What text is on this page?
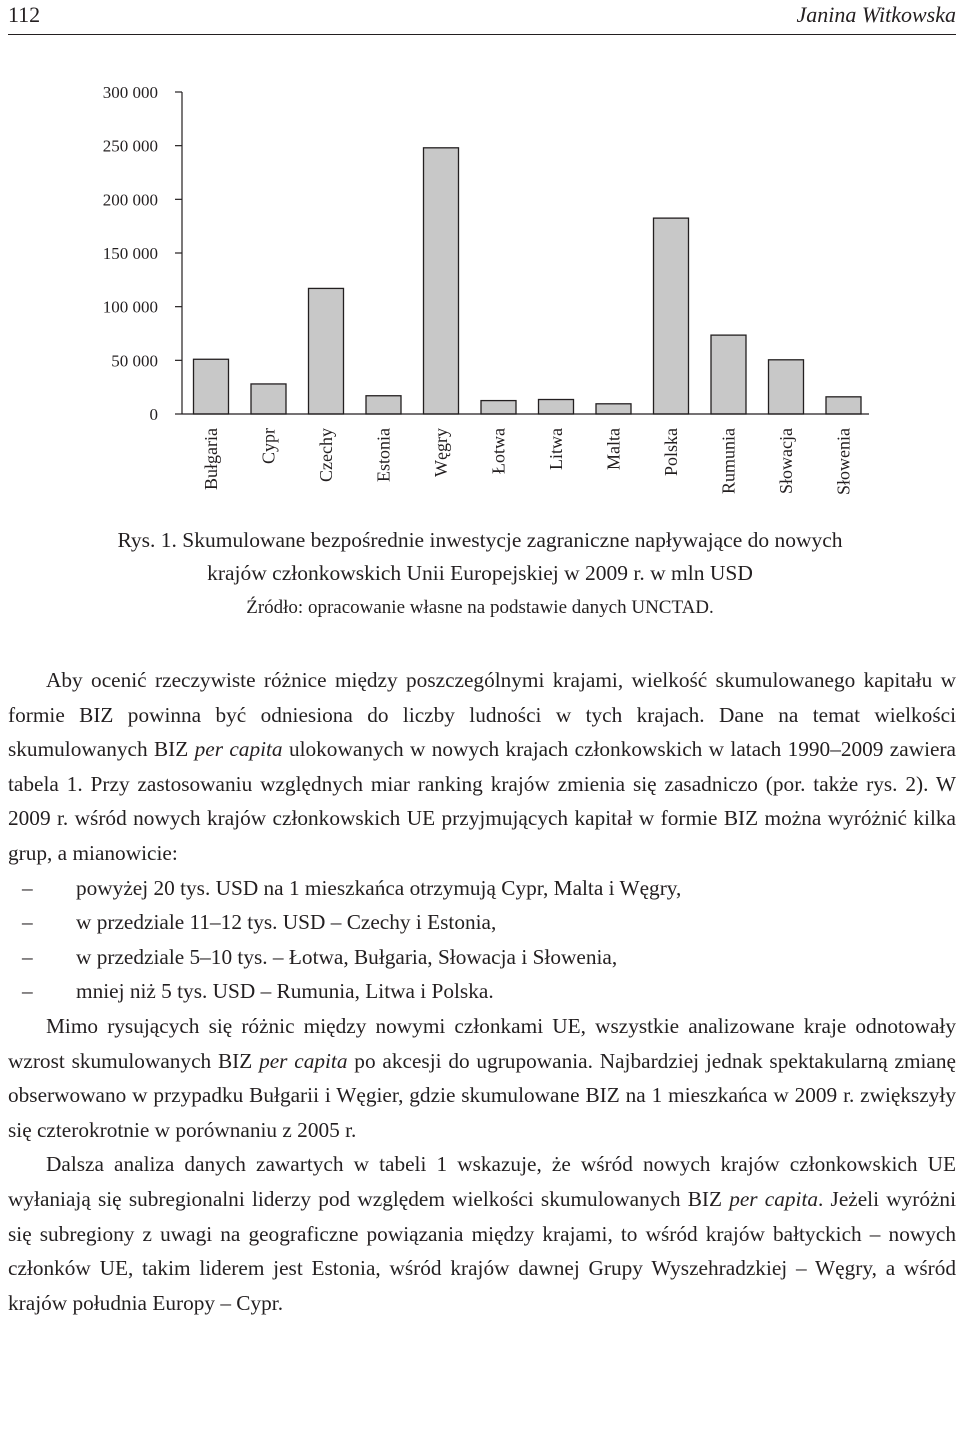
112	Janina Witkowska
0
50 000
100 000
150 000
200 000
250 000
300 000
Bułgaria Cypr Czechy Estonia Węgry Łotwa Litwa Malta Polska Rumunia Słowacja Słowenia
Rys. 1. Skumulowane bezpośrednie inwestycje zagraniczne napływające do nowych
krajów członkowskich Unii Europejskiej w 2009 r. w mln USD
Źródło: opracowanie własne na podstawie danych UNCTAD.

Aby ocenić rzeczywiste różnice między poszczególnymi krajami, wielkość skumulowanego kapitału w formie BIZ powinna być odniesiona do liczby ludności w tych krajach. Dane na temat wielkości skumulowanych BIZ per capita ulokowanych w nowych krajach członkowskich w latach 1990–2009 zawiera tabela 1. Przy zastosowaniu względnych miar ranking krajów zmienia się zasadniczo (por. także rys. 2). W 2009 r. wśród nowych krajów członkowskich UE przyjmujących kapitał w formie BIZ można wyróżnić kilka grup, a mianowicie:

– powyżej 20 tys. USD na 1 mieszkańca otrzymują Cypr, Malta i Węgry,
– w przedziale 11–12 tys. USD – Czechy i Estonia,
– w przedziale 5–10 tys. – Łotwa, Bułgaria, Słowacja i Słowenia,
– mniej niż 5 tys. USD – Rumunia, Litwa i Polska.

Mimo rysujących się różnic między nowymi członkami UE, wszystkie analizowane kraje odnotowały wzrost skumulowanych BIZ per capita po akcesji do ugrupowania. Najbardziej jednak spektakularną zmianę obserwowano w przypadku Bułgarii i Węgier, gdzie skumulowane BIZ na 1 mieszkańca w 2009 r. zwiększyły się czterokrotnie w porównaniu z 2005 r.

Dalsza analiza danych zawartych w tabeli 1 wskazuje, że wśród nowych krajów członkowskich UE wyłaniają się subregionalni liderzy pod względem wielkości skumulowanych BIZ per capita. Jeżeli wyróżni się subregiony z uwagi na geograficzne powiązania między krajami, to wśród krajów bałtyckich – nowych członków UE, takim liderem jest Estonia, wśród krajów dawnej Grupy Wyszehradzkiej – Węgry, a wśród krajów południa Europy – Cypr.
